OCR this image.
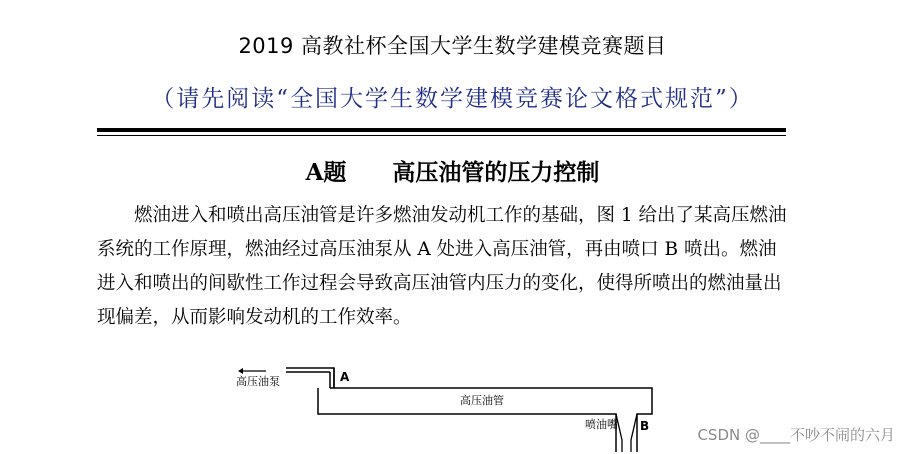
2019 高教社杯全国大学生数学建模竞赛题目
（请先阅读“全国大学生数学建模竞赛论文格式规范”）
A题 高压油管的压力控制

燃油进入和喷出高压油管是许多燃油发动机工作的基础，图 1 给出了某高压燃油系统的工作原理，燃油经过高压油泵从 A 处进入高压油管，再由喷口 B 喷出。燃油进入和喷出的间歇性工作过程会导致高压油管内压力的变化，使得所喷出的燃油量出现偏差，从而影响发动机的工作效率。

高压油泵	A
高压油管
喷油嘴 B	CSDN @____不吵不闹的六月
